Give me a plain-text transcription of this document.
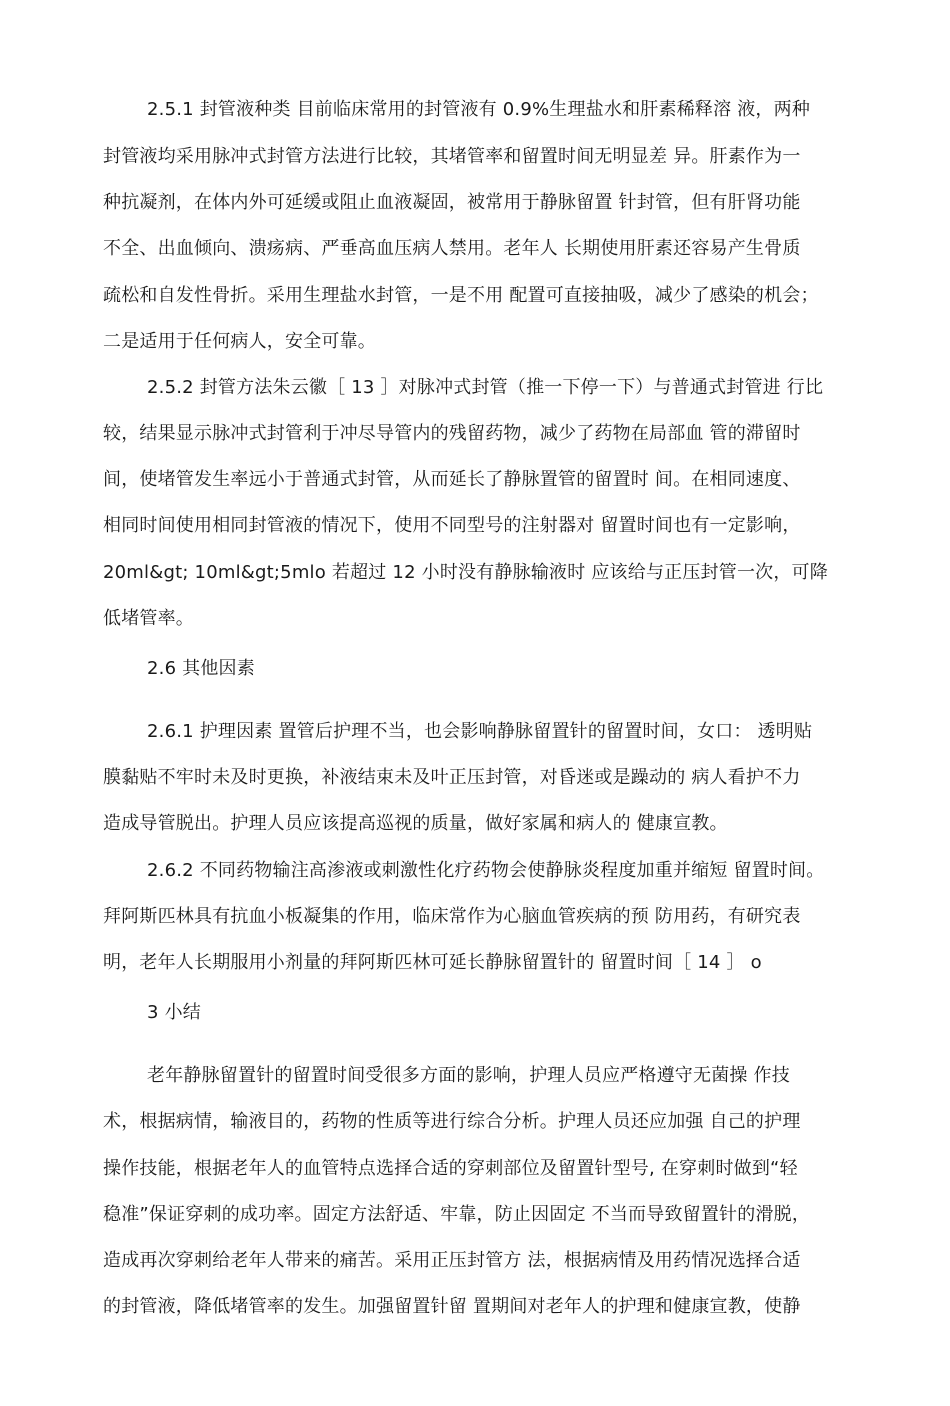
2.5.1 封管液种类 目前临床常用的封管液有 0.9%生理盐水和肝素稀释溶 液，两种
封管液均采用脉冲式封管方法进行比较，其堵管率和留置时间无明显差 异。肝素作为一
种抗凝剂，在体内外可延缓或阻止血液凝固，被常用于静脉留置 针封管，但有肝肾功能
不全、出血倾向、溃疡病、严垂高血压病人禁用。老年人 长期使用肝素还容易产生骨质
疏松和自发性骨折。采用生理盐水封管，一是不用 配置可直接抽吸，减少了感染的机会；
二是适用于任何病人，安全可靠。
2.5.2 封管方法朱云徽［ 13 ］对脉冲式封管（推一下停一下）与普通式封管进 行比
较，结果显示脉冲式封管利于冲尽导管内的残留药物，减少了药物在局部血 管的滞留时
间，使堵管发生率远小于普通式封管，从而延长了静脉置管的留置时 间。在相同速度、
相同时间使用相同封管液的情况下，使用不同型号的注射器对 留置时间也有一定影响，
20ml&gt; 10ml&gt;5mlo 若超过 12 小时没有静脉输液时 应该给与正压封管一次，可降
低堵管率。
2.6 其他因素
2.6.1 护理因素 置管后护理不当，也会影响静脉留置针的留置时间，女口： 透明贴
膜黏贴不牢时未及时更换，补液结束未及叶正压封管，对昏迷或是躁动的 病人看护不力
造成导管脱出。护理人员应该提高巡视的质量，做好家属和病人的 健康宣教。
2.6.2 不同药物输注高渗液或刺激性化疗药物会使静脉炎程度加重并缩短 留置时间。
拜阿斯匹林具有抗血小板凝集的作用，临床常作为心脑血管疾病的预 防用药，有研究表
明，老年人长期服用小剂量的拜阿斯匹林可延长静脉留置针的 留置时间［ 14 ］ o
3 小结
老年静脉留置针的留置时间受很多方面的影响，护理人员应严格遵守无菌操 作技
术，根据病情，输液目的，药物的性质等进行综合分析。护理人员还应加强 自己的护理
操作技能，根据老年人的血管特点选择合适的穿刺部位及留置针型号, 在穿刺时做到“轻
稳准”保证穿刺的成功率。固定方法舒适、牢靠，防止因固定 不当而导致留置针的滑脱，
造成再次穿刺给老年人带来的痛苦。采用正压封管方 法，根据病情及用药情况选择合适
的封管液，降低堵管率的发生。加强留置针留 置期间对老年人的护理和健康宣教，使静
